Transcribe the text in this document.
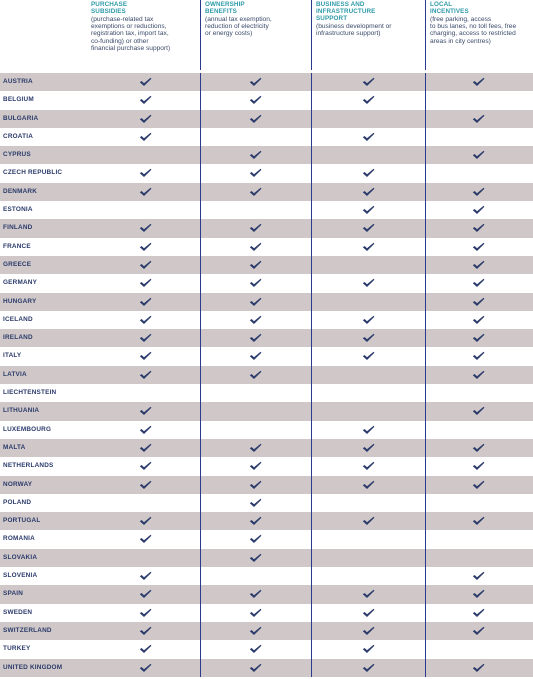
PURCHASE
SUBSIDIES
(purchase-related tax
exemptions or reductions,
registration tax, import tax,
co-funding) or other
financial purchase support)
OWNERSHIP
BENEFITS
(annual tax exemption,
reduction of electricity
or energy costs)
BUSINESS AND
INFRASTRUCTURE
SUPPORT
(business development or
infrastructure support)
LOCAL
INCENTIVES
(free parking, access
to bus lanes, no toll fees, free
charging, access to restricted
areas in city centres)
AUSTRIA
BELGIUM
BULGARIA
CROATIA
CYPRUS
CZECH REPUBLIC
DENMARK
ESTONIA
FINLAND
FRANCE
GREECE
GERMANY
HUNGARY
ICELAND
IRELAND
ITALY
LATVIA
LIECHTENSTEIN
LITHUANIA
LUXEMBOURG
MALTA
NETHERLANDS
NORWAY
POLAND
PORTUGAL
ROMANIA
SLOVAKIA
SLOVENIA
SPAIN
SWEDEN
SWITZERLAND
TURKEY
UNITED KINGDOM
